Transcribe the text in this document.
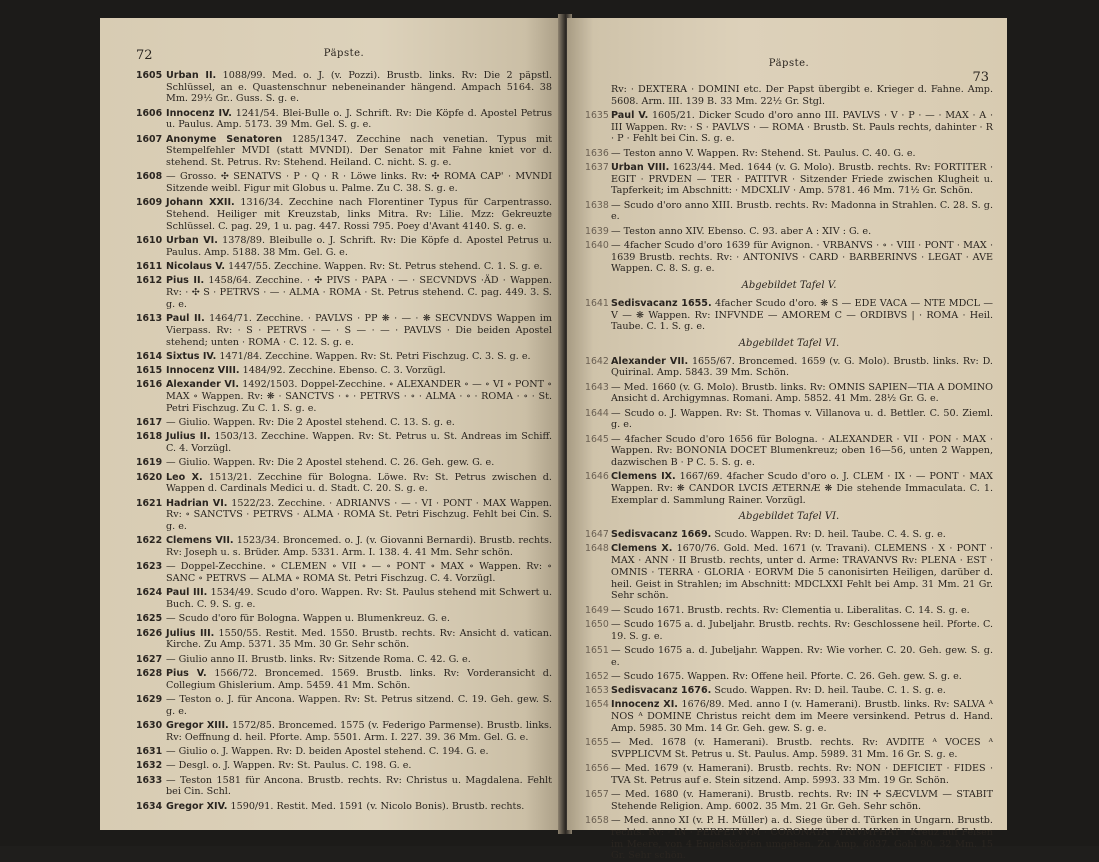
72	Päpste.
1605 Urban II. 1088/99. Med. o. J. (v. Pozzi). Brustb. links. Rv: Die 2 päpstl. Schlüssel, an e. Quastenschnur nebeneinander hängend. Ampach 5164. 38 Mm. 29½ Gr.. Guss. S. g. e.
1606 Innocenz IV. 1241/54. Blei-Bulle o. J. Schrift. Rv: Die Köpfe d. Apostel Petrus u. Paulus. Amp. 5173. 39 Mm. Gel. S. g. e.
1607 Anonyme Senatoren 1285/1347. Zecchine nach venetian. Typus mit Stempelfehler MVDI (statt MVNDI). Der Senator mit Fahne kniet vor d. stehend. St. Petrus. Rv: Stehend. Heiland. C. nicht. S. g. e.
1608 — Grosso. ✣ SENATVS · P · Q · R · Löwe links. Rv: ✣ ROMA CAP' · MVNDI Sitzende weibl. Figur mit Globus u. Palme. Zu C. 38. S. g. e.
1609 Johann XXII. 1316/34. Zecchine nach Florentiner Typus für Carpentrasso. Stehend. Heiliger mit Kreuzstab, links Mitra. Rv: Lilie. Mzz: Gekreuzte Schlüssel. C. pag. 29, 1 u. pag. 447. Rossi 795. Poey d'Avant 4140. S. g. e.
1610 Urban VI. 1378/89. Bleibulle o. J. Schrift. Rv: Die Köpfe d. Apostel Petrus u. Paulus. Amp. 5188. 38 Mm. Gel. G. e.
1611 Nicolaus V. 1447/55. Zecchine. Wappen. Rv: St. Petrus stehend. C. 1. S. g. e.
1612 Pius II. 1458/64. Zecchine. · ✣ PIVS · PAPA · — · SECVNDVS ·ÄD · Wappen. Rv: · ✣ S · PETRVS · — · ALMA · ROMA · St. Petrus stehend. C. pag. 449. 3. S. g. e.
1613 Paul II. 1464/71. Zecchine. · PAVLVS · PP ❋ · — · ❋ SECVNDVS Wappen im Vierpass. Rv: · S · PETRVS · — · S — · — · PAVLVS · Die beiden Apostel stehend; unten · ROMA · C. 12. S. g. e.
1614 Sixtus IV. 1471/84. Zecchine. Wappen. Rv: St. Petri Fischzug. C. 3. S. g. e.
1615 Innocenz VIII. 1484/92. Zecchine. Ebenso. C. 3. Vorzügl.
1616 Alexander VI. 1492/1503. Doppel-Zecchine. ∘ ALEXANDER ∘ — ∘ VI ∘ PONT ∘ MAX ∘ Wappen. Rv: ❋ · SANCTVS · ∘ · PETRVS · ∘ · ALMA · ∘ · ROMA · ∘ · St. Petri Fischzug. Zu C. 1. S. g. e.
1617 — Giulio. Wappen. Rv: Die 2 Apostel stehend. C. 13. S. g. e.
1618 Julius II. 1503/13. Zecchine. Wappen. Rv: St. Petrus u. St. Andreas im Schiff. C. 4. Vorzügl.
1619 — Giulio. Wappen. Rv: Die 2 Apostel stehend. C. 26. Geh. gew. G. e.
1620 Leo X. 1513/21. Zecchine für Bologna. Löwe. Rv: St. Petrus zwischen d. Wappen d. Cardinals Medici u. d. Stadt. C. 20. S. g. e.
1621 Hadrian VI. 1522/23. Zecchine. · ADRIANVS · — · VI · PONT · MAX Wappen. Rv: ∘ SANCTVS · PETRVS · ALMA · ROMA St. Petri Fischzug. Fehlt bei Cin. S. g. e.
1622 Clemens VII. 1523/34. Broncemed. o. J. (v. Giovanni Bernardi). Brustb. rechts. Rv: Joseph u. s. Brüder. Amp. 5331. Arm. I. 138. 4. 41 Mm. Sehr schön.
1623 — Doppel-Zecchine. ∘ CLEMEN ∘ VII ∘ — ∘ PONT ∘ MAX ∘ Wappen. Rv: ∘ SANC ∘ PETRVS — ALMA ∘ ROMA St. Petri Fischzug. C. 4. Vorzügl.
1624 Paul III. 1534/49. Scudo d'oro. Wappen. Rv: St. Paulus stehend mit Schwert u. Buch. C. 9. S. g. e.
1625 — Scudo d'oro für Bologna. Wappen u. Blumenkreuz. G. e.
1626 Julius III. 1550/55. Restit. Med. 1550. Brustb. rechts. Rv: Ansicht d. vatican. Kirche. Zu Amp. 5371. 35 Mm. 30 Gr. Sehr schön.
1627 — Giulio anno II. Brustb. links. Rv: Sitzende Roma. C. 42. G. e.
1628 Pius V. 1566/72. Broncemed. 1569. Brustb. links. Rv: Vorderansicht d. Collegium Ghislerium. Amp. 5459. 41 Mm. Schön.
1629 — Teston o. J. für Ancona. Wappen. Rv: St. Petrus sitzend. C. 19. Geh. gew. S. g. e.
1630 Gregor XIII. 1572/85. Broncemed. 1575 (v. Federigo Parmense). Brustb. links. Rv: Oeffnung d. heil. Pforte. Amp. 5501. Arm. I. 227. 39. 36 Mm. Gel. G. e.
1631 — Giulio o. J. Wappen. Rv: D. beiden Apostel stehend. C. 194. G. e.
1632 — Desgl. o. J. Wappen. Rv: St. Paulus. C. 198. G. e.
1633 — Teston 1581 für Ancona. Brustb. rechts. Rv: Christus u. Magdalena. Fehlt bei Cin. Schl.
1634 Gregor XIV. 1590/91. Restit. Med. 1591 (v. Nicolo Bonis). Brustb. rechts.
Päpste.
73
Rv: · DEXTERA · DOMINI etc. Der Papst übergibt e. Krieger d. Fahne. Amp. 5608. Arm. III. 139 B. 33 Mm. 22½ Gr. Stgl.
1635 Paul V. 1605/21. Dicker Scudo d'oro anno III. PAVLVS · V · P · — · MAX · A · III Wappen. Rv: · S · PAVLVS · — ROMA · Brustb. St. Pauls rechts, dahinter · R · P · Fehlt bei Cin. S. g. e.
1636 — Teston anno V. Wappen. Rv: Stehend. St. Paulus. C. 40. G. e.
1637 Urban VIII. 1623/44. Med. 1644 (v. G. Molo). Brustb. rechts. Rv: FORTITER · EGIT · PRVDEN — TER · PATITVR · Sitzender Friede zwischen Klugheit u. Tapferkeit; im Abschnitt: · MDCXLIV · Amp. 5781. 46 Mm. 71½ Gr. Schön.
1638 — Scudo d'oro anno XIII. Brustb. rechts. Rv: Madonna in Strahlen. C. 28. S. g. e.
1639 — Teston anno XIV. Ebenso. C. 93. aber A : XIV : G. e.
1640 — 4facher Scudo d'oro 1639 für Avignon. · VRBANVS · ∘ · VIII · PONT · MAX · 1639 Brustb. rechts. Rv: · ANTONIVS · CARD · BARBERINVS · LEGAT · AVE Wappen. C. 8. S. g. e.
Abgebildet Tafel V.
1641 Sedisvacanz 1655. 4facher Scudo d'oro. ❋ S — EDE VACA — NTE MDCL — V — ❋ Wappen. Rv: INFVNDE — AMOREM C — ORDIBVS | · ROMA · Heil. Taube. C. 1. S. g. e.
Abgebildet Tafel VI.
1642 Alexander VII. 1655/67. Broncemed. 1659 (v. G. Molo). Brustb. links. Rv: D. Quirinal. Amp. 5843. 39 Mm. Schön.
1643 — Med. 1660 (v. G. Molo). Brustb. links. Rv: OMNIS SAPIEN—TIA A DOMINO Ansicht d. Archigymnas. Romani. Amp. 5852. 41 Mm. 28½ Gr. G. e.
1644 — Scudo o. J. Wappen. Rv: St. Thomas v. Villanova u. d. Bettler. C. 50. Zieml. g. e.
1645 — 4facher Scudo d'oro 1656 für Bologna. · ALEXANDER · VII · PON · MAX · Wappen. Rv: BONONIA DOCET Blumenkreuz; oben 16—56, unten 2 Wappen, dazwischen B · P C. 5. S. g. e.
1646 Clemens IX. 1667/69. 4facher Scudo d'oro o. J. CLEM · IX · — PONT · MAX Wappen. Rv: ❋ CANDOR LVCIS ÆTERNÆ ❋ Die stehende Immaculata. C. 1. Exemplar d. Sammlung Rainer. Vorzügl.
Abgebildet Tafel VI.
1647 Sedisvacanz 1669. Scudo. Wappen. Rv: D. heil. Taube. C. 4. S. g. e.
1648 Clemens X. 1670/76. Gold. Med. 1671 (v. Travani). CLEMENS · X · PONT · MAX · ANN · II Brustb. rechts, unter d. Arme: TRAVANVS Rv: PLENA · EST · OMNIS · TERRA · GLORIA · EORVM Die 5 canonisirten Heiligen, darüber d. heil. Geist in Strahlen; im Abschnitt: MDCLXXI Fehlt bei Amp. 31 Mm. 21 Gr. Sehr schön.
1649 — Scudo 1671. Brustb. rechts. Rv: Clementia u. Liberalitas. C. 14. S. g. e.
1650 — Scudo 1675 a. d. Jubeljahr. Brustb. rechts. Rv: Geschlossene heil. Pforte. C. 19. S. g. e.
1651 — Scudo 1675 a. d. Jubeljahr. Wappen. Rv: Wie vorher. C. 20. Geh. gew. S. g. e.
1652 — Scudo 1675. Wappen. Rv: Offene heil. Pforte. C. 26. Geh. gew. S. g. e.
1653 Sedisvacanz 1676. Scudo. Wappen. Rv: D. heil. Taube. C. 1. S. g. e.
1654 Innocenz XI. 1676/89. Med. anno I (v. Hamerani). Brustb. links. Rv: SALVA ᴬ NOS ᴬ DOMINE Christus reicht dem im Meere versinkend. Petrus d. Hand. Amp. 5985. 30 Mm. 14 Gr. Geh. gew. S. g. e.
1655 — Med. 1678 (v. Hamerani). Brustb. rechts. Rv: AVDITE ᴬ VOCES ᴬ SVPPLICVM St. Petrus u. St. Paulus. Amp. 5989. 31 Mm. 16 Gr. S. g. e.
1656 — Med. 1679 (v. Hamerani). Brustb. rechts. Rv: NON · DEFICIET · FIDES · TVA St. Petrus auf e. Stein sitzend. Amp. 5993. 33 Mm. 19 Gr. Schön.
1657 — Med. 1680 (v. Hamerani). Brustb. rechts. Rv: IN ✢ SÆCVLVM — STABIT Stehende Religion. Amp. 6002. 35 Mm. 21 Gr. Geh. Sehr schön.
1658 — Med. anno XI (v. P. H. Müller) a. d. Siege über d. Türken in Ungarn. Brustb. rechts. Rv: · IN · PERPETVVM · CORONATA · TRIVMPHAT · Kreuz auf Felsen im Meere, von 4 Engelsköpfen umgeben. Zu Amp. 6037. Gohl 90. 32 Mm. 15 Gr. Sehr schön.
